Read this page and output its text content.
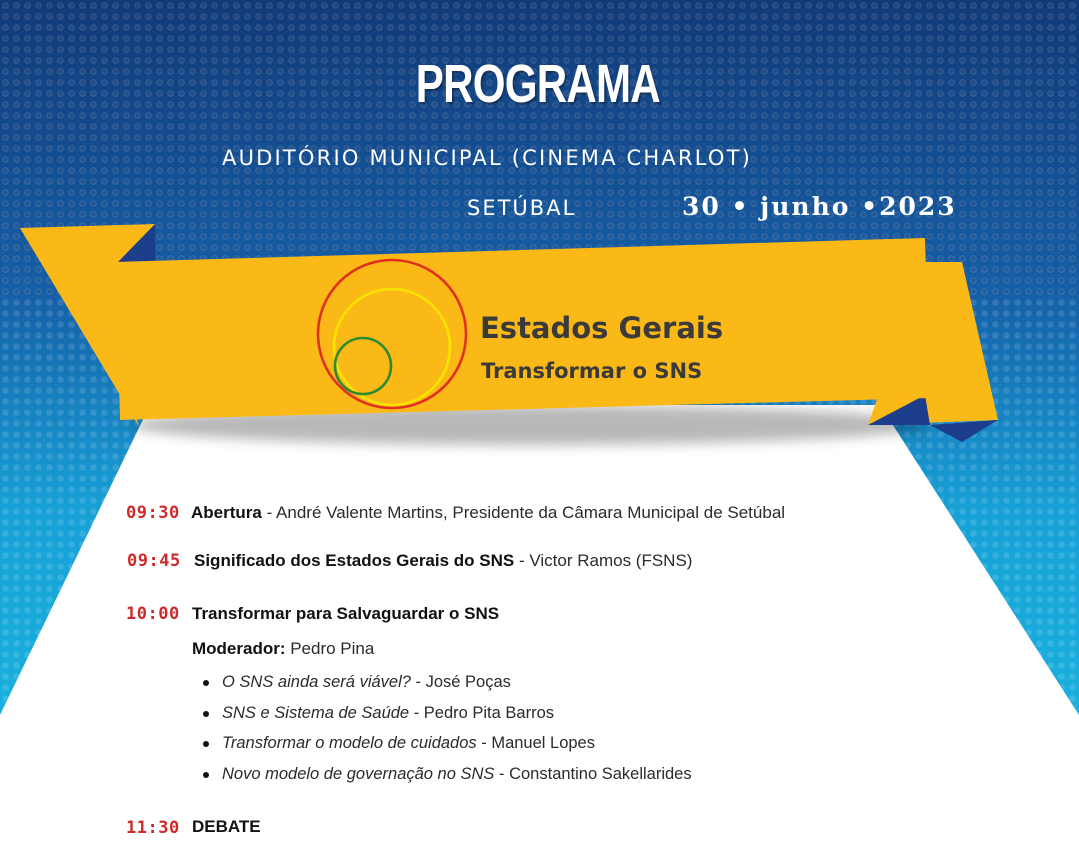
PROGRAMA
AUDITÓRIO MUNICIPAL (CINEMA CHARLOT)
SETÚBAL	30 • junho •2023
Estados Gerais
Transformar o SNS
09:30 Abertura - André Valente Martins, Presidente da Câmara Municipal de Setúbal
09:45 Significado dos Estados Gerais do SNS - Victor Ramos (FSNS)
10:00 Transformar para Salvaguardar o SNS
Moderador: Pedro Pina
O SNS ainda será viável? - José Poças
SNS e Sistema de Saúde - Pedro Pita Barros
Transformar o modelo de cuidados - Manuel Lopes
Novo modelo de governação no SNS - Constantino Sakellarides
11:30 DEBATE
